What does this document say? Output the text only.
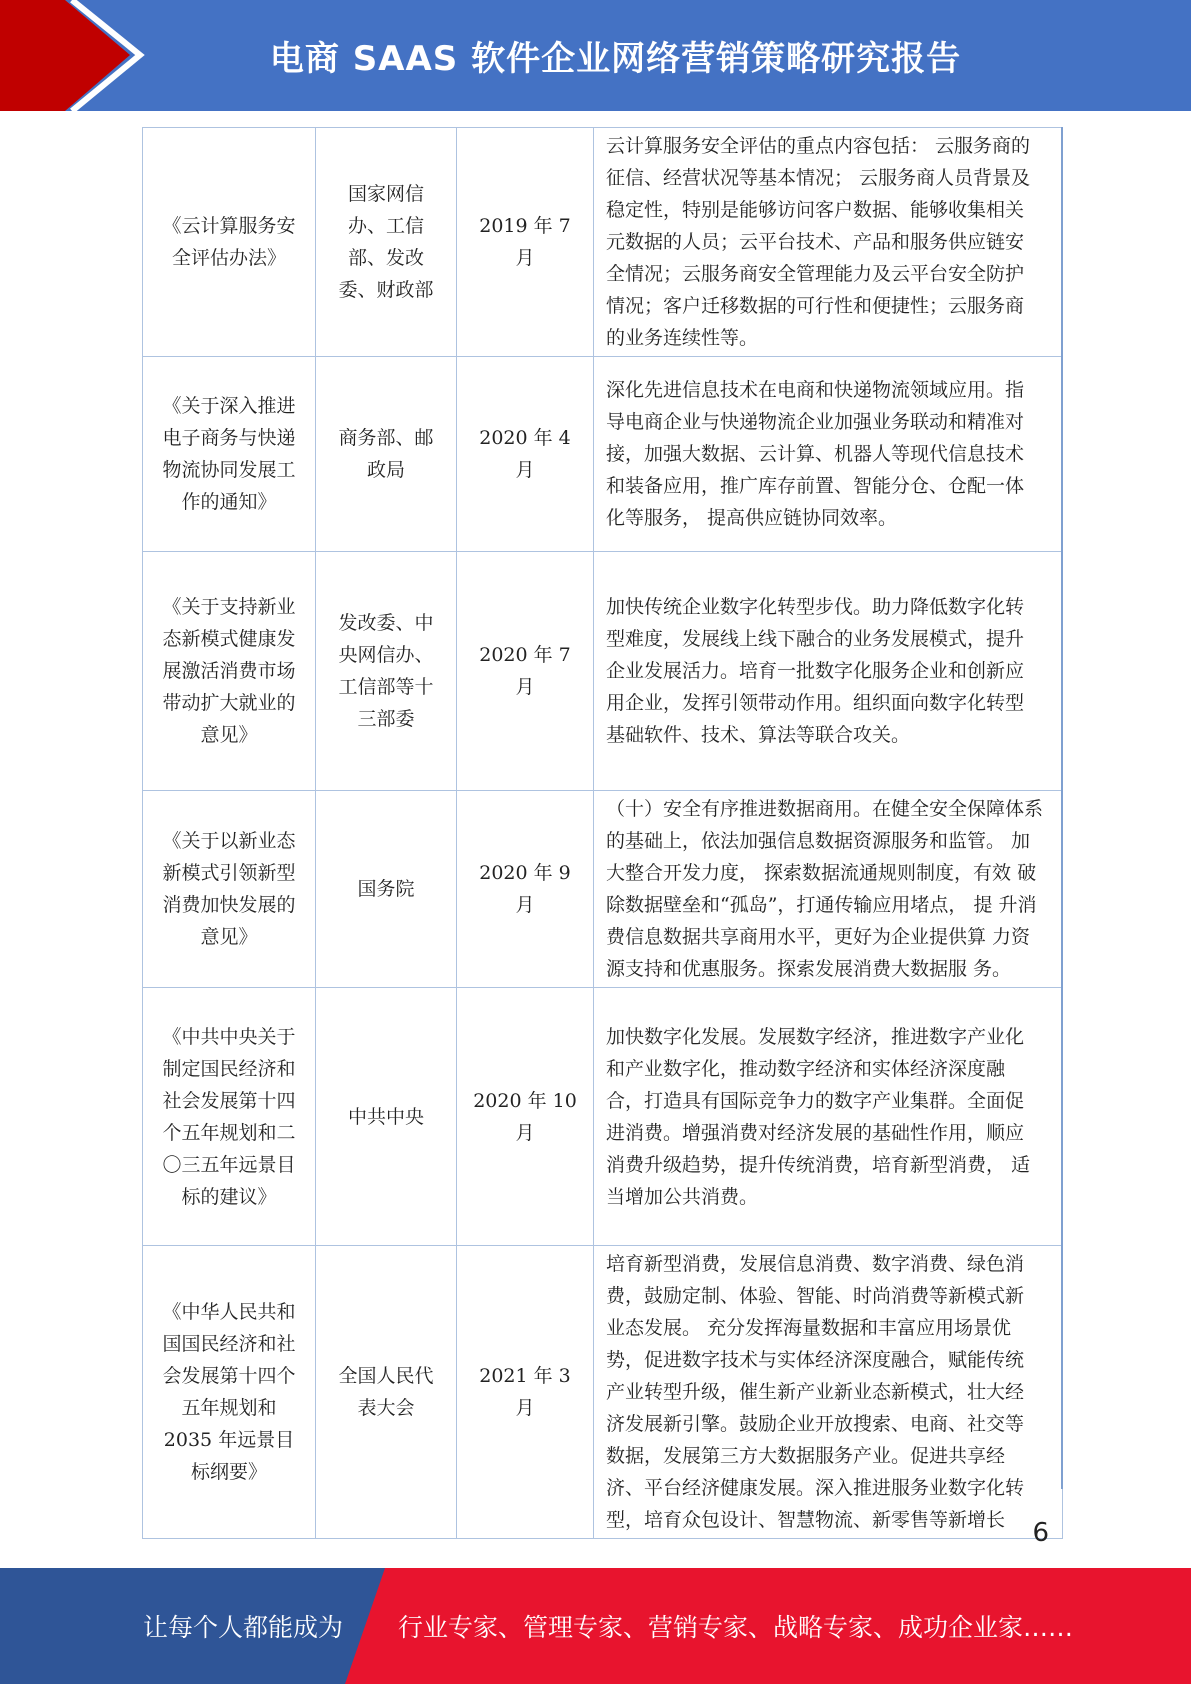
电商 SAAS 软件企业网络营销策略研究报告
《云计算服务安全评估办法》	国家网信办、工信部、发改委、财政部	2019 年 7 月	云计算服务安全评估的重点内容包括： 云服务商的 征信、经营状况等基本情况； 云服务商人员背景及 稳定性，特别是能够访问客户数据、能够收集相关 元数据的人员；云平台技术、产品和服务供应链安 全情况；云服务商安全管理能力及云平台安全防护 情况；客户迁移数据的可行性和便捷性；云服务商 的业务连续性等。
《关于深入推进电子商务与快递物流协同发展工作的通知》	商务部、邮政局	2020 年 4 月	深化先进信息技术在电商和快递物流领域应用。指 导电商企业与快递物流企业加强业务联动和精准对 接，加强大数据、云计算、机器人等现代信息技术 和装备应用，推广库存前置、智能分仓、仓配一体 化等服务， 提高供应链协同效率。
《关于支持新业态新模式健康发展激活消费市场带动扩大就业的意见》	发改委、中央网信办、工信部等十三部委	2020 年 7 月	加快传统企业数字化转型步伐。助力降低数字化转 型难度，发展线上线下融合的业务发展模式，提升 企业发展活力。培育一批数字化服务企业和创新应 用企业，发挥引领带动作用。组织面向数字化转型 基础软件、技术、算法等联合攻关。
《关于以新业态新模式引领新型消费加快发展的意见》	国务院	2020 年 9 月	（十）安全有序推进数据商用。在健全安全保障体系的基础上，依法加强信息数据资源服务和监管。 加大整合开发力度， 探索数据流通规则制度，有效 破除数据壁垒和“孤岛”，打通传输应用堵点， 提 升消费信息数据共享商用水平，更好为企业提供算 力资源支持和优惠服务。探索发展消费大数据服 务。
《中共中央关于制定国民经济和社会发展第十四个五年规划和二〇三五年远景目标的建议》	中共中央	2020 年 10 月	加快数字化发展。发展数字经济，推进数字产业化 和产业数字化，推动数字经济和实体经济深度融 合，打造具有国际竞争力的数字产业集群。全面促 进消费。增强消费对经济发展的基础性作用，顺应 消费升级趋势，提升传统消费，培育新型消费， 适 当增加公共消费。
《中华人民共和国国民经济和社会发展第十四个五年规划和 2035 年远景目标纲要》	全国人民代表大会	2021 年 3 月	培育新型消费，发展信息消费、数字消费、绿色消 费，鼓励定制、体验、智能、时尚消费等新模式新 业态发展。 充分发挥海量数据和丰富应用场景优 势，促进数字技术与实体经济深度融合，赋能传统 产业转型升级，催生新产业新业态新模式，壮大经 济发展新引擎。鼓励企业开放搜索、电商、社交等 数据，发展第三方大数据服务产业。促进共享经 济、平台经济健康发展。深入推进服务业数字化转 型，培育众包设计、智慧物流、新零售等新增长 6
让每个人都能成为 行业专家、管理专家、营销专家、战略专家、成功企业家……
